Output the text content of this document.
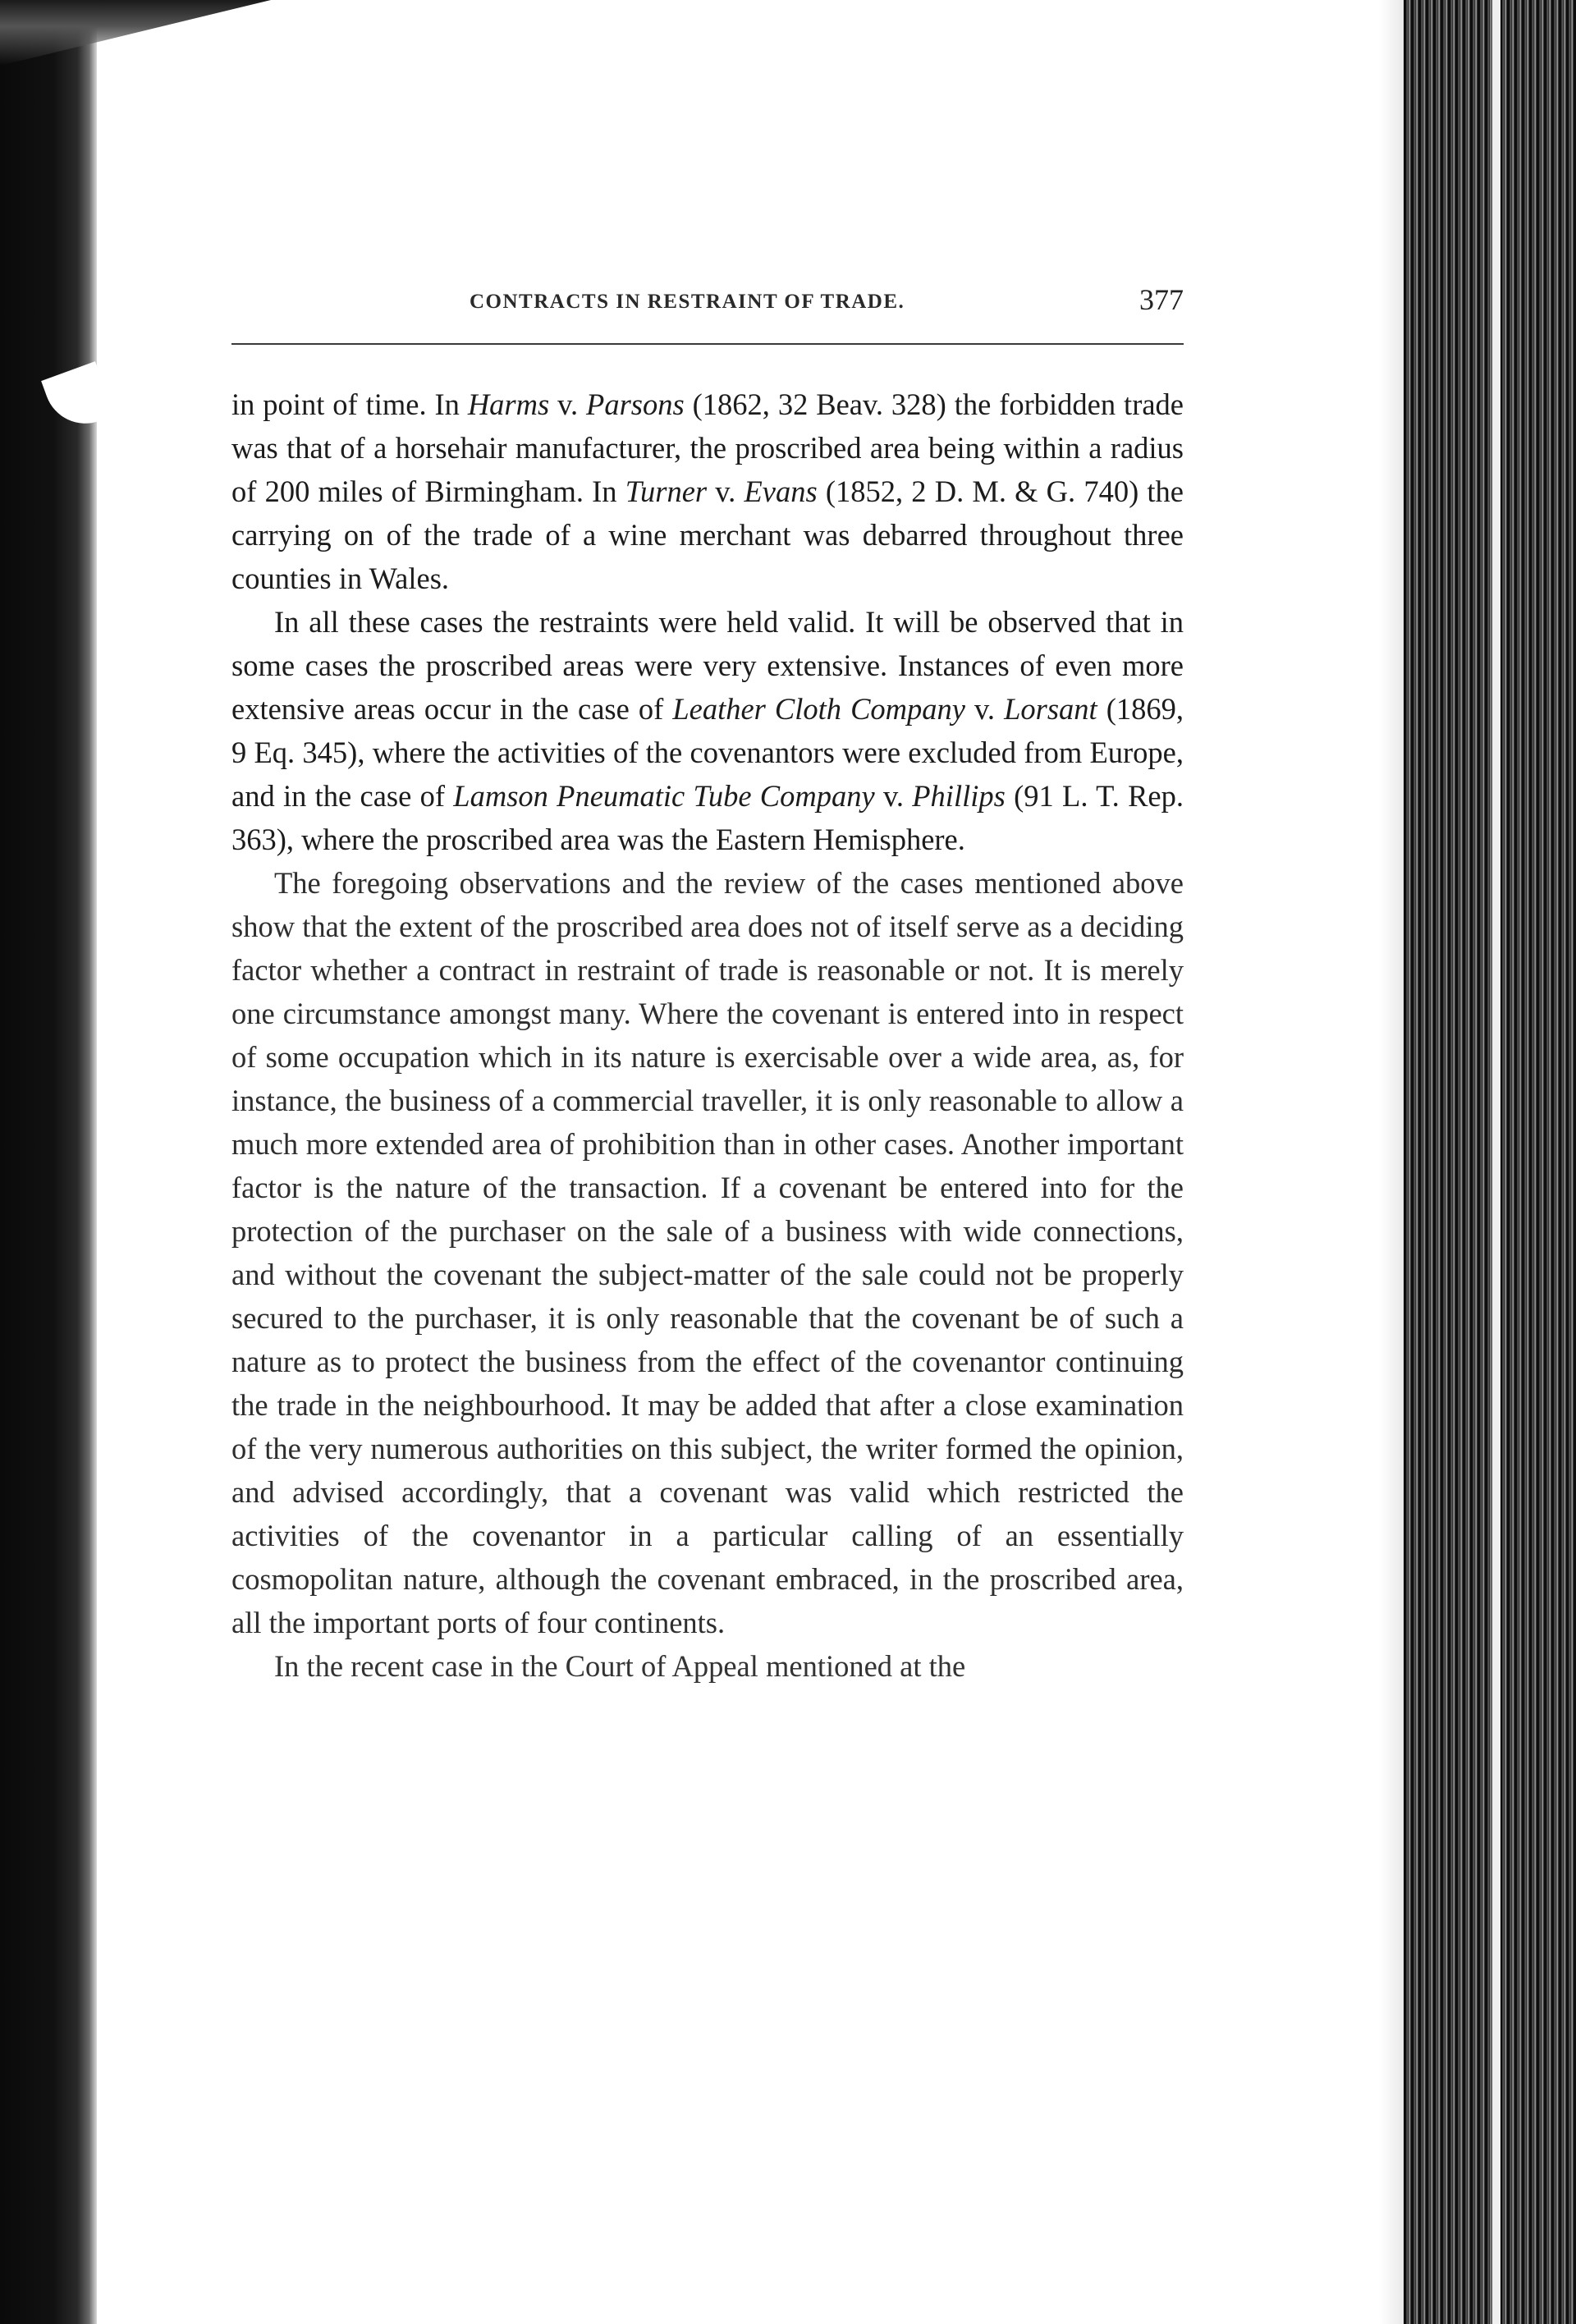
CONTRACTS IN RESTRAINT OF TRADE.	377

in point of time. In Harms v. Parsons (1862, 32 Beav. 328) the forbidden trade was that of a horsehair manufacturer, the proscribed area being within a radius of 200 miles of Birmingham. In Turner v. Evans (1852, 2 D. M. & G. 740) the carrying on of the trade of a wine merchant was debarred throughout three counties in Wales.

In all these cases the restraints were held valid. It will be observed that in some cases the proscribed areas were very extensive. Instances of even more extensive areas occur in the case of Leather Cloth Company v. Lorsant (1869, 9 Eq. 345), where the activities of the covenantors were excluded from Europe, and in the case of Lamson Pneumatic Tube Company v. Phillips (91 L. T. Rep. 363), where the proscribed area was the Eastern Hemisphere.

The foregoing observations and the review of the cases mentioned above show that the extent of the proscribed area does not of itself serve as a deciding factor whether a contract in restraint of trade is reasonable or not. It is merely one circumstance amongst many. Where the covenant is entered into in respect of some occupation which in its nature is exercisable over a wide area, as, for instance, the business of a commercial traveller, it is only reasonable to allow a much more extended area of prohibition than in other cases. Another important factor is the nature of the transaction. If a covenant be entered into for the protection of the purchaser on the sale of a business with wide connections, and without the covenant the subject-matter of the sale could not be properly secured to the purchaser, it is only reasonable that the covenant be of such a nature as to protect the business from the effect of the covenantor continuing the trade in the neighbourhood. It may be added that after a close examination of the very numerous authorities on this subject, the writer formed the opinion, and advised accordingly, that a covenant was valid which restricted the activities of the covenantor in a particular calling of an essentially cosmopolitan nature, although the covenant embraced, in the proscribed area, all the important ports of four continents.

In the recent case in the Court of Appeal mentioned at the
